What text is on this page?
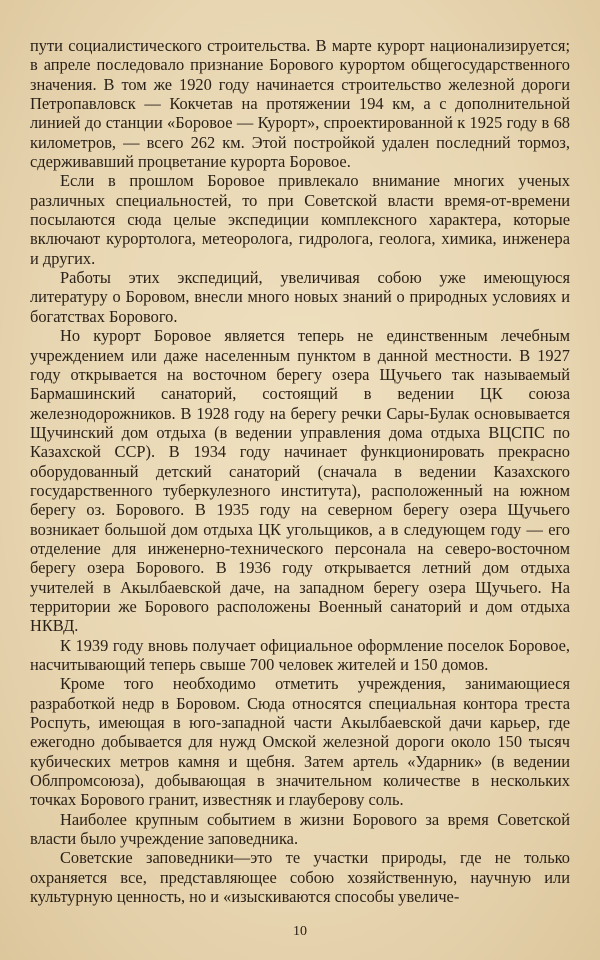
пути социалистического строительства. В марте курорт национализируется; в апреле последовало признание Борового курортом общегосударственного значения. В том же 1920 году начинается строительство железной дороги Петропавловск — Кокчетав на протяжении 194 км, а с дополнительной линией до станции «Боровое — Курорт», спроектированной к 1925 году в 68 километров, — всего 262 км. Этой постройкой удален последний тормоз, сдерживавший процветание курорта Боровое.

Если в прошлом Боровое привлекало внимание многих ученых различных специальностей, то при Советской власти время-от-времени посылаются сюда целые экспедиции комплексного характера, которые включают курортолога, метеоролога, гидролога, геолога, химика, инженера и других.

Работы этих экспедиций, увеличивая собою уже имеющуюся литературу о Боровом, внесли много новых знаний о природных условиях и богатствах Борового.

Но курорт Боровое является теперь не единственным лечебным учреждением или даже населенным пунктом в данной местности. В 1927 году открывается на восточном берегу озера Щучьего так называемый Бармашинский санаторий, состоящий в ведении ЦК союза железнодорожников. В 1928 году на берегу речки Сары-Булак основывается Щучинский дом отдыха (в ведении управления дома отдыха ВЦСПС по Казахской ССР). В 1934 году начинает функционировать прекрасно оборудованный детский санаторий (сначала в ведении Казахского государственного туберкулезного института), расположенный на южном берегу оз. Борового. В 1935 году на северном берегу озера Щучьего возникает большой дом отдыха ЦК угольщиков, а в следующем году — его отделение для инженерно-технического персонала на северо-восточном берегу озера Борового. В 1936 году открывается летний дом отдыха учителей в Акылбаевской даче, на западном берегу озера Щучьего. На территории же Борового расположены Военный санаторий и дом отдыха НКВД.

К 1939 году вновь получает официальное оформление поселок Боровое, насчитывающий теперь свыше 700 человек жителей и 150 домов.

Кроме того необходимо отметить учреждения, занимающиеся разработкой недр в Боровом. Сюда относятся специальная контора треста Роспуть, имеющая в юго-западной части Акылбаевской дачи карьер, где ежегодно добывается для нужд Омской железной дороги около 150 тысяч кубических метров камня и щебня. Затем артель «Ударник» (в ведении Облпромсоюза), добывающая в значительном количестве в нескольких точках Борового гранит, известняк и глауберову соль.

Наиболее крупным событием в жизни Борового за время Советской власти было учреждение заповедника.

Советские заповедники—это те участки природы, где не только охраняется все, представляющее собою хозяйственную, научную или культурную ценность, но и «изыскиваются способы увеличе-

10
